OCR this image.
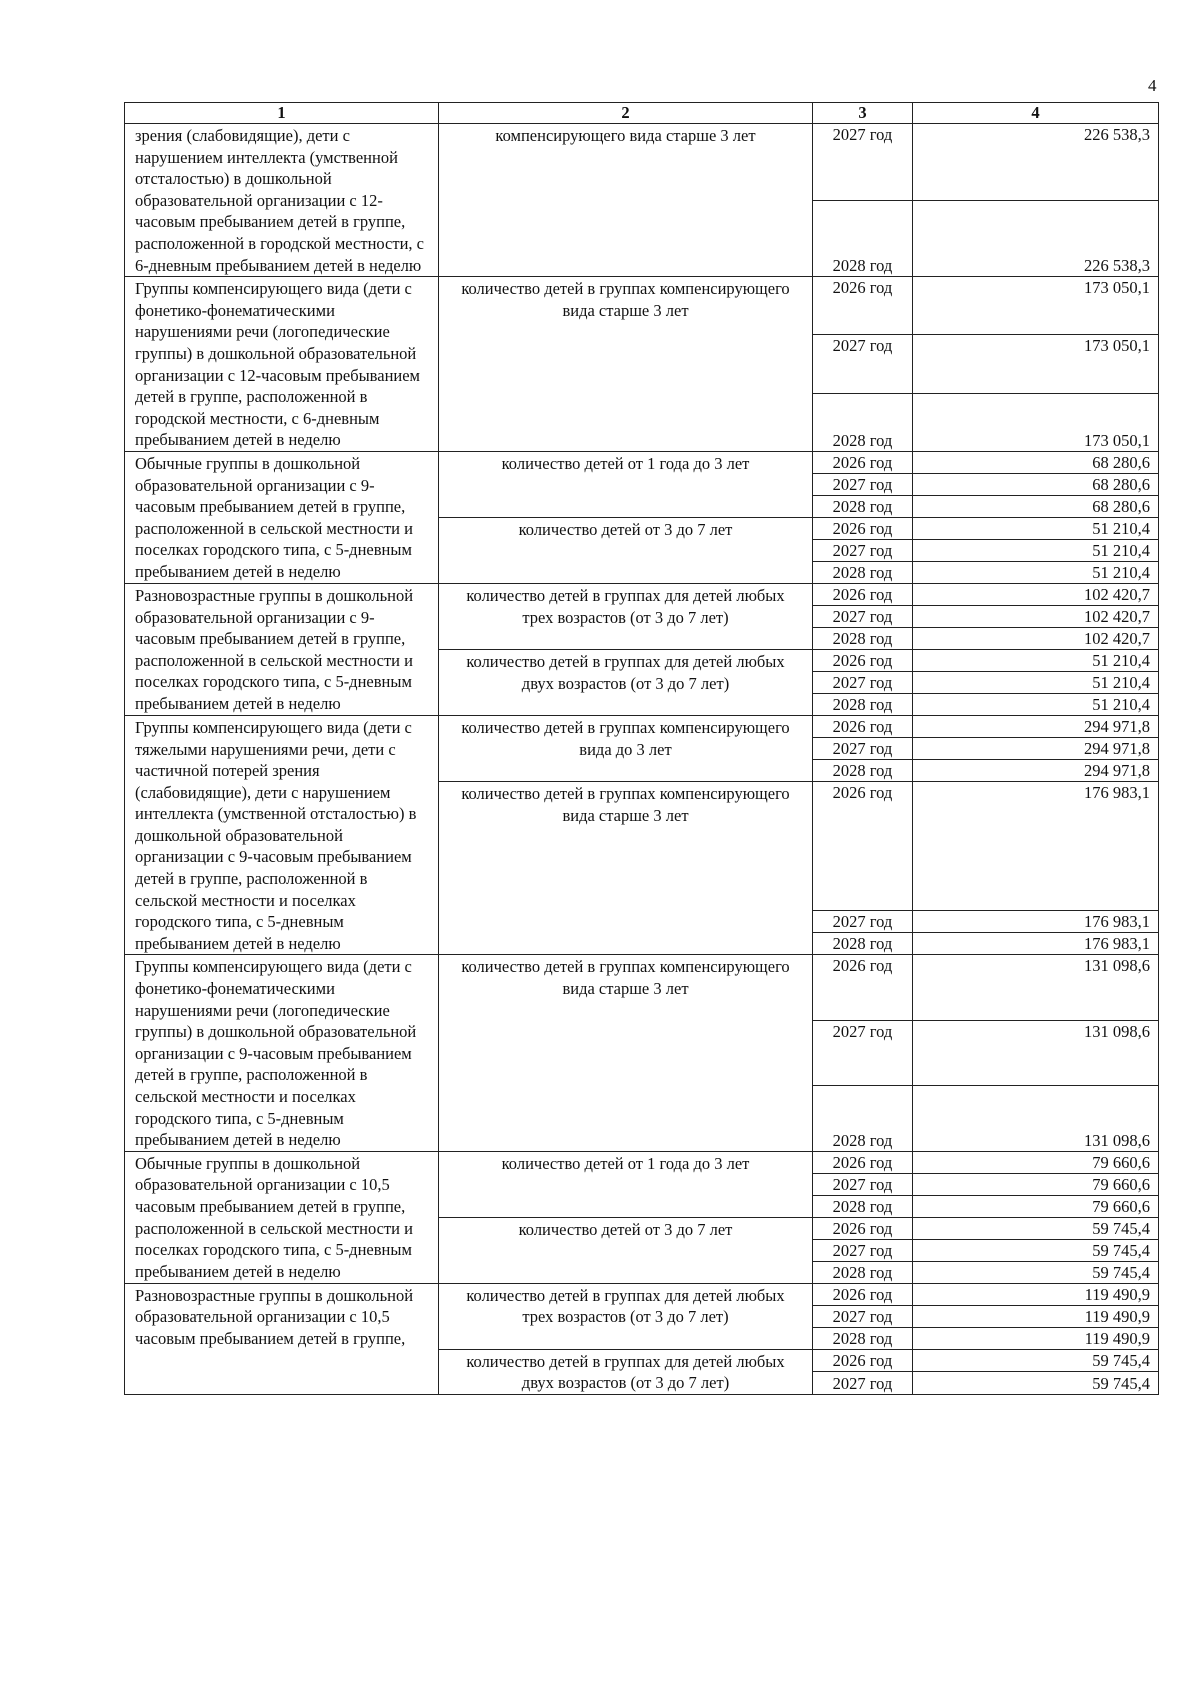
4
1	2	3	4
зрения (слабовидящие), дети с нарушением интеллекта (умственной отсталостью) в дошкольной образовательной организации с 12-часовым пребыванием детей в группе, расположенной в городской местности, с 6-дневным пребыванием детей в неделю	компенсирующего вида старше 3 лет	2027 год	226 538,3
		2028 год	226 538,3
Группы компенсирующего вида (дети с фонетико-фонематическими нарушениями речи (логопедические группы) в дошкольной образовательной организации с 12-часовым пребыванием детей в группе, расположенной в городской местности, с 6-дневным пребыванием детей в неделю	количество детей в группах компенсирующего вида старше 3 лет	2026 год	173 050,1
		2027 год	173 050,1
		2028 год	173 050,1
Обычные группы в дошкольной образовательной организации с 9-часовым пребыванием детей в группе, расположенной в сельской местности и поселках городского типа, с 5-дневным пребыванием детей в неделю	количество детей от 1 года до 3 лет	2026 год	68 280,6
		2027 год	68 280,6
		2028 год	68 280,6
	количество детей от 3 до 7 лет	2026 год	51 210,4
		2027 год	51 210,4
		2028 год	51 210,4
Разновозрастные группы в дошкольной образовательной организации с 9-часовым пребыванием детей в группе, расположенной в сельской местности и поселках городского типа, с 5-дневным пребыванием детей в неделю	количество детей в группах для детей любых трех возрастов (от 3 до 7 лет)	2026 год	102 420,7
		2027 год	102 420,7
		2028 год	102 420,7
	количество детей в группах для детей любых двух возрастов (от 3 до 7 лет)	2026 год	51 210,4
		2027 год	51 210,4
		2028 год	51 210,4
Группы компенсирующего вида (дети с тяжелыми нарушениями речи, дети с частичной потерей зрения (слабовидящие), дети с нарушением интеллекта (умственной отсталостью) в дошкольной образовательной организации с 9-часовым пребыванием детей в группе, расположенной в сельской местности и поселках городского типа, с 5-дневным пребыванием детей в неделю	количество детей в группах компенсирующего вида до 3 лет	2026 год	294 971,8
		2027 год	294 971,8
		2028 год	294 971,8
	количество детей в группах компенсирующего вида старше 3 лет	2026 год	176 983,1
		2027 год	176 983,1
		2028 год	176 983,1
Группы компенсирующего вида (дети с фонетико-фонематическими нарушениями речи (логопедические группы) в дошкольной образовательной организации с 9-часовым пребыванием детей в группе, расположенной в сельской местности и поселках городского типа, с 5-дневным пребыванием детей в неделю	количество детей в группах компенсирующего вида старше 3 лет	2026 год	131 098,6
		2027 год	131 098,6
		2028 год	131 098,6
Обычные группы в дошкольной образовательной организации с 10,5 часовым пребыванием детей в группе, расположенной в сельской местности и поселках городского типа, с 5-дневным пребыванием детей в неделю	количество детей от 1 года до 3 лет	2026 год	79 660,6
		2027 год	79 660,6
		2028 год	79 660,6
	количество детей от 3 до 7 лет	2026 год	59 745,4
		2027 год	59 745,4
		2028 год	59 745,4
Разновозрастные группы в дошкольной образовательной организации с 10,5 часовым пребыванием детей в группе,	количество детей в группах для детей любых трех возрастов (от 3 до 7 лет)	2026 год	119 490,9
		2027 год	119 490,9
		2028 год	119 490,9
	количество детей в группах для детей любых двух возрастов (от 3 до 7 лет)	2026 год	59 745,4
		2027 год	59 745,4
